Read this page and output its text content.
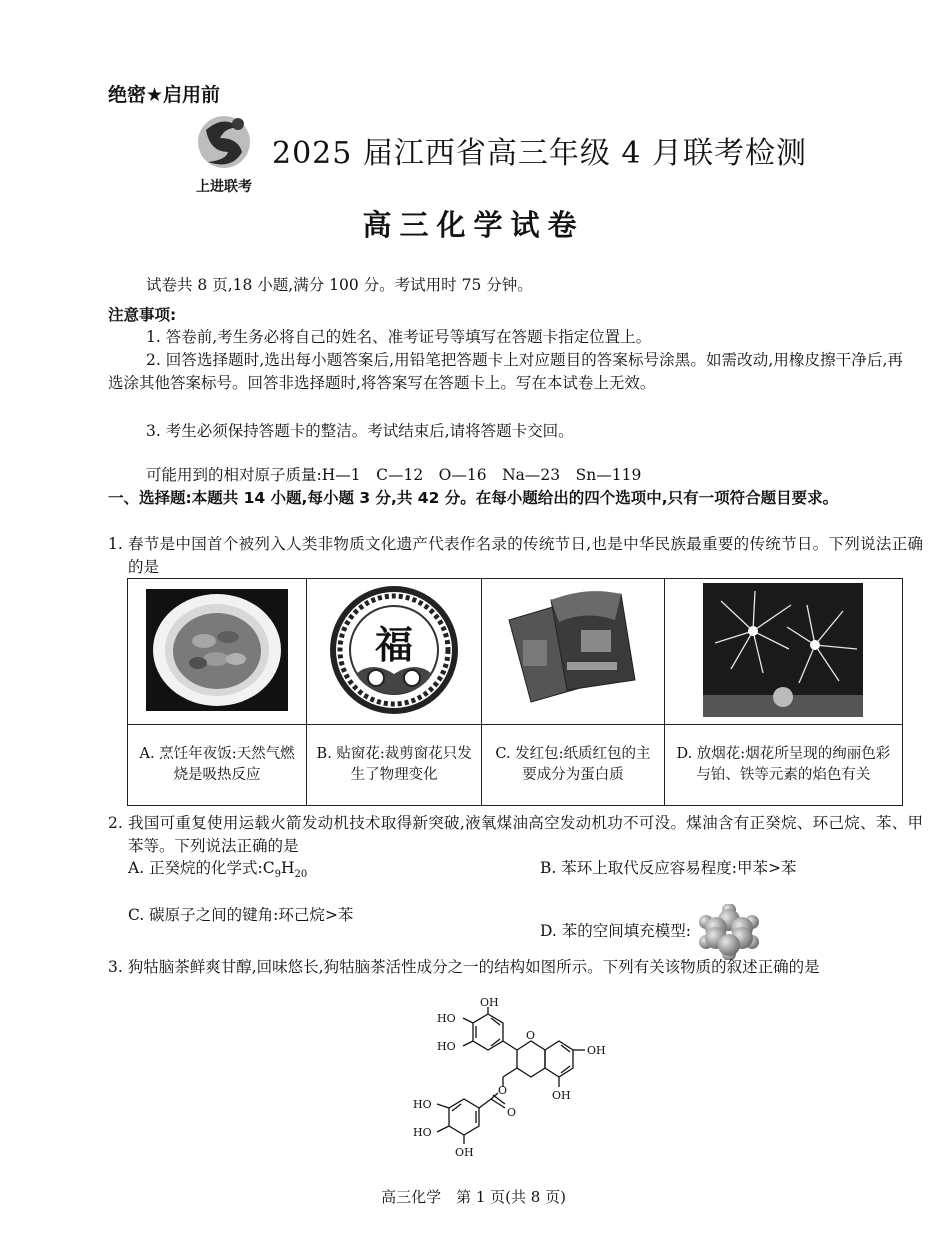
绝密★启用前
上进联考
2025 届江西省高三年级 4 月联考检测
高三化学试卷
试卷共 8 页,18 小题,满分 100 分。考试用时 75 分钟。
注意事项:
1. 答卷前,考生务必将自己的姓名、准考证号等填写在答题卡指定位置上。
2. 回答选择题时,选出每小题答案后,用铅笔把答题卡上对应题目的答案标号涂黑。如需改动,用橡皮擦干净后,再选涂其他答案标号。回答非选择题时,将答案写在答题卡上。写在本试卷上无效。
3. 考生必须保持答题卡的整洁。考试结束后,请将答题卡交回。
可能用到的相对原子质量:H—1　C—12　O—16　Na—23　Sn—119
一、选择题:本题共 14 小题,每小题 3 分,共 42 分。在每小题给出的四个选项中,只有一项符合题目要求。
1. 春节是中国首个被列入人类非物质文化遗产代表作名录的传统节日,也是中华民族最重要的传统节日。下列说法正确的是

福

A. 烹饪年夜饭:天然气燃烧是吸热反应	B. 贴窗花:裁剪窗花只发生了物理变化	C. 发红包:纸质红包的主要成分为蛋白质	D. 放烟花:烟花所呈现的绚丽色彩与铂、铁等元素的焰色有关
2. 我国可重复使用运载火箭发动机技术取得新突破,液氧煤油高空发动机功不可没。煤油含有正癸烷、环己烷、苯、甲苯等。下列说法正确的是
A. 正癸烷的化学式$:C_9H_{20}$	B. 苯环上取代反应容易程度:甲苯>苯
C. 碳原子之间的键角:环己烷>苯
D. 苯的空间填充模型:
3. 狗牯脑茶鲜爽甘醇,回味悠长,狗牯脑茶活性成分之一的结构如图所示。下列有关该物质的叙述正确的是
OH
HO
HO
O
OH
OH
O
O
HO
HO
OH
高三化学　第 1 页(共 8 页)
